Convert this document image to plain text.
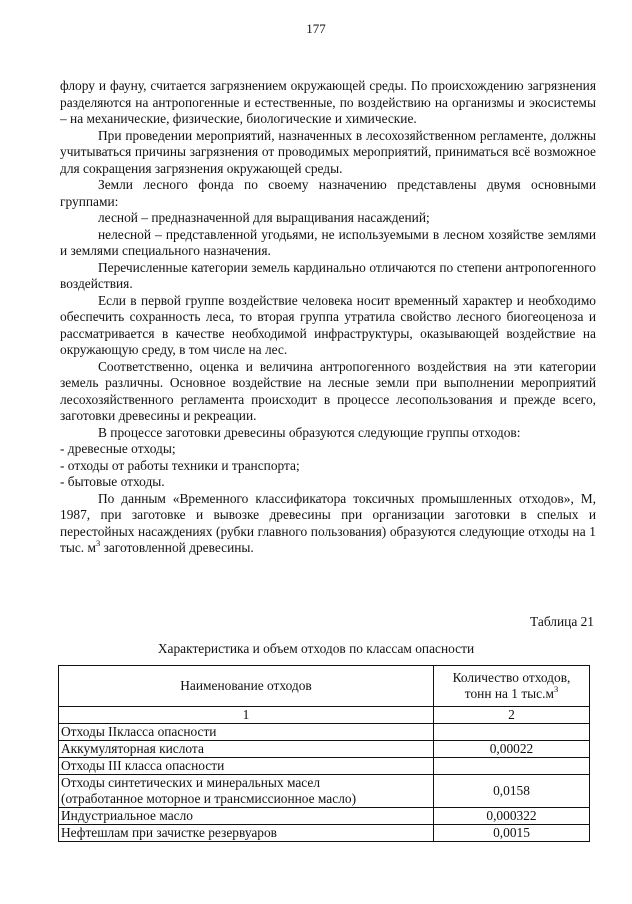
177

флору и фауну, считается загрязнением окружающей среды. По происхождению загрязнения разделяются на антропогенные и естественные, по воздействию на организмы и экосистемы – на механические, физические, биологические и химические.

При проведении мероприятий, назначенных в лесохозяйственном регламенте, должны учитываться причины загрязнения от проводимых мероприятий, приниматься всё возможное для сокращения загрязнения окружающей среды.

Земли лесного фонда по своему назначению представлены двумя основными группами:

лесной – предназначенной для выращивания насаждений;

нелесной – представленной угодьями, не используемыми в лесном хозяйстве землями и землями специального назначения.

Перечисленные категории земель кардинально отличаются по степени антропогенного воздействия.

Если в первой группе воздействие человека носит временный характер и необходимо обеспечить сохранность леса, то вторая группа утратила свойство лесного биогеоценоза и рассматривается в качестве необходимой инфраструктуры, оказывающей воздействие на окружающую среду, в том числе на лес.

Соответственно, оценка и величина антропогенного воздействия на эти категории земель различны. Основное воздействие на лесные земли при выполнении мероприятий лесохозяйственного регламента происходит в процессе лесопользования и прежде всего, заготовки древесины и рекреации.

В процессе заготовки древесины образуются следующие группы отходов:

- древесные отходы;

- отходы от работы техники и транспорта;

- бытовые отходы.

По данным «Временного классификатора токсичных промышленных отходов», М, 1987, при заготовке и вывозке древесины при организации заготовки в спелых и перестойных насаждениях (рубки главного пользования) образуются следующие отходы на 1 тыс. $м^3$ заготовленной древесины.

Таблица 21
Характеристика и объем отходов по классам опасности
Наименование отходов	Количество отходов,
тонн на 1 $тыс.м^3$
1	2
Отходы IIкласса опасности	
Аккумуляторная кислота	0,00022
Отходы III класса опасности	
Отходы синтетических и минеральных масел
(отработанное моторное и трансмиссионное масло)	0,0158
Индустриальное масло	0,000322
Нефтешлам при зачистке резервуаров	0,0015
